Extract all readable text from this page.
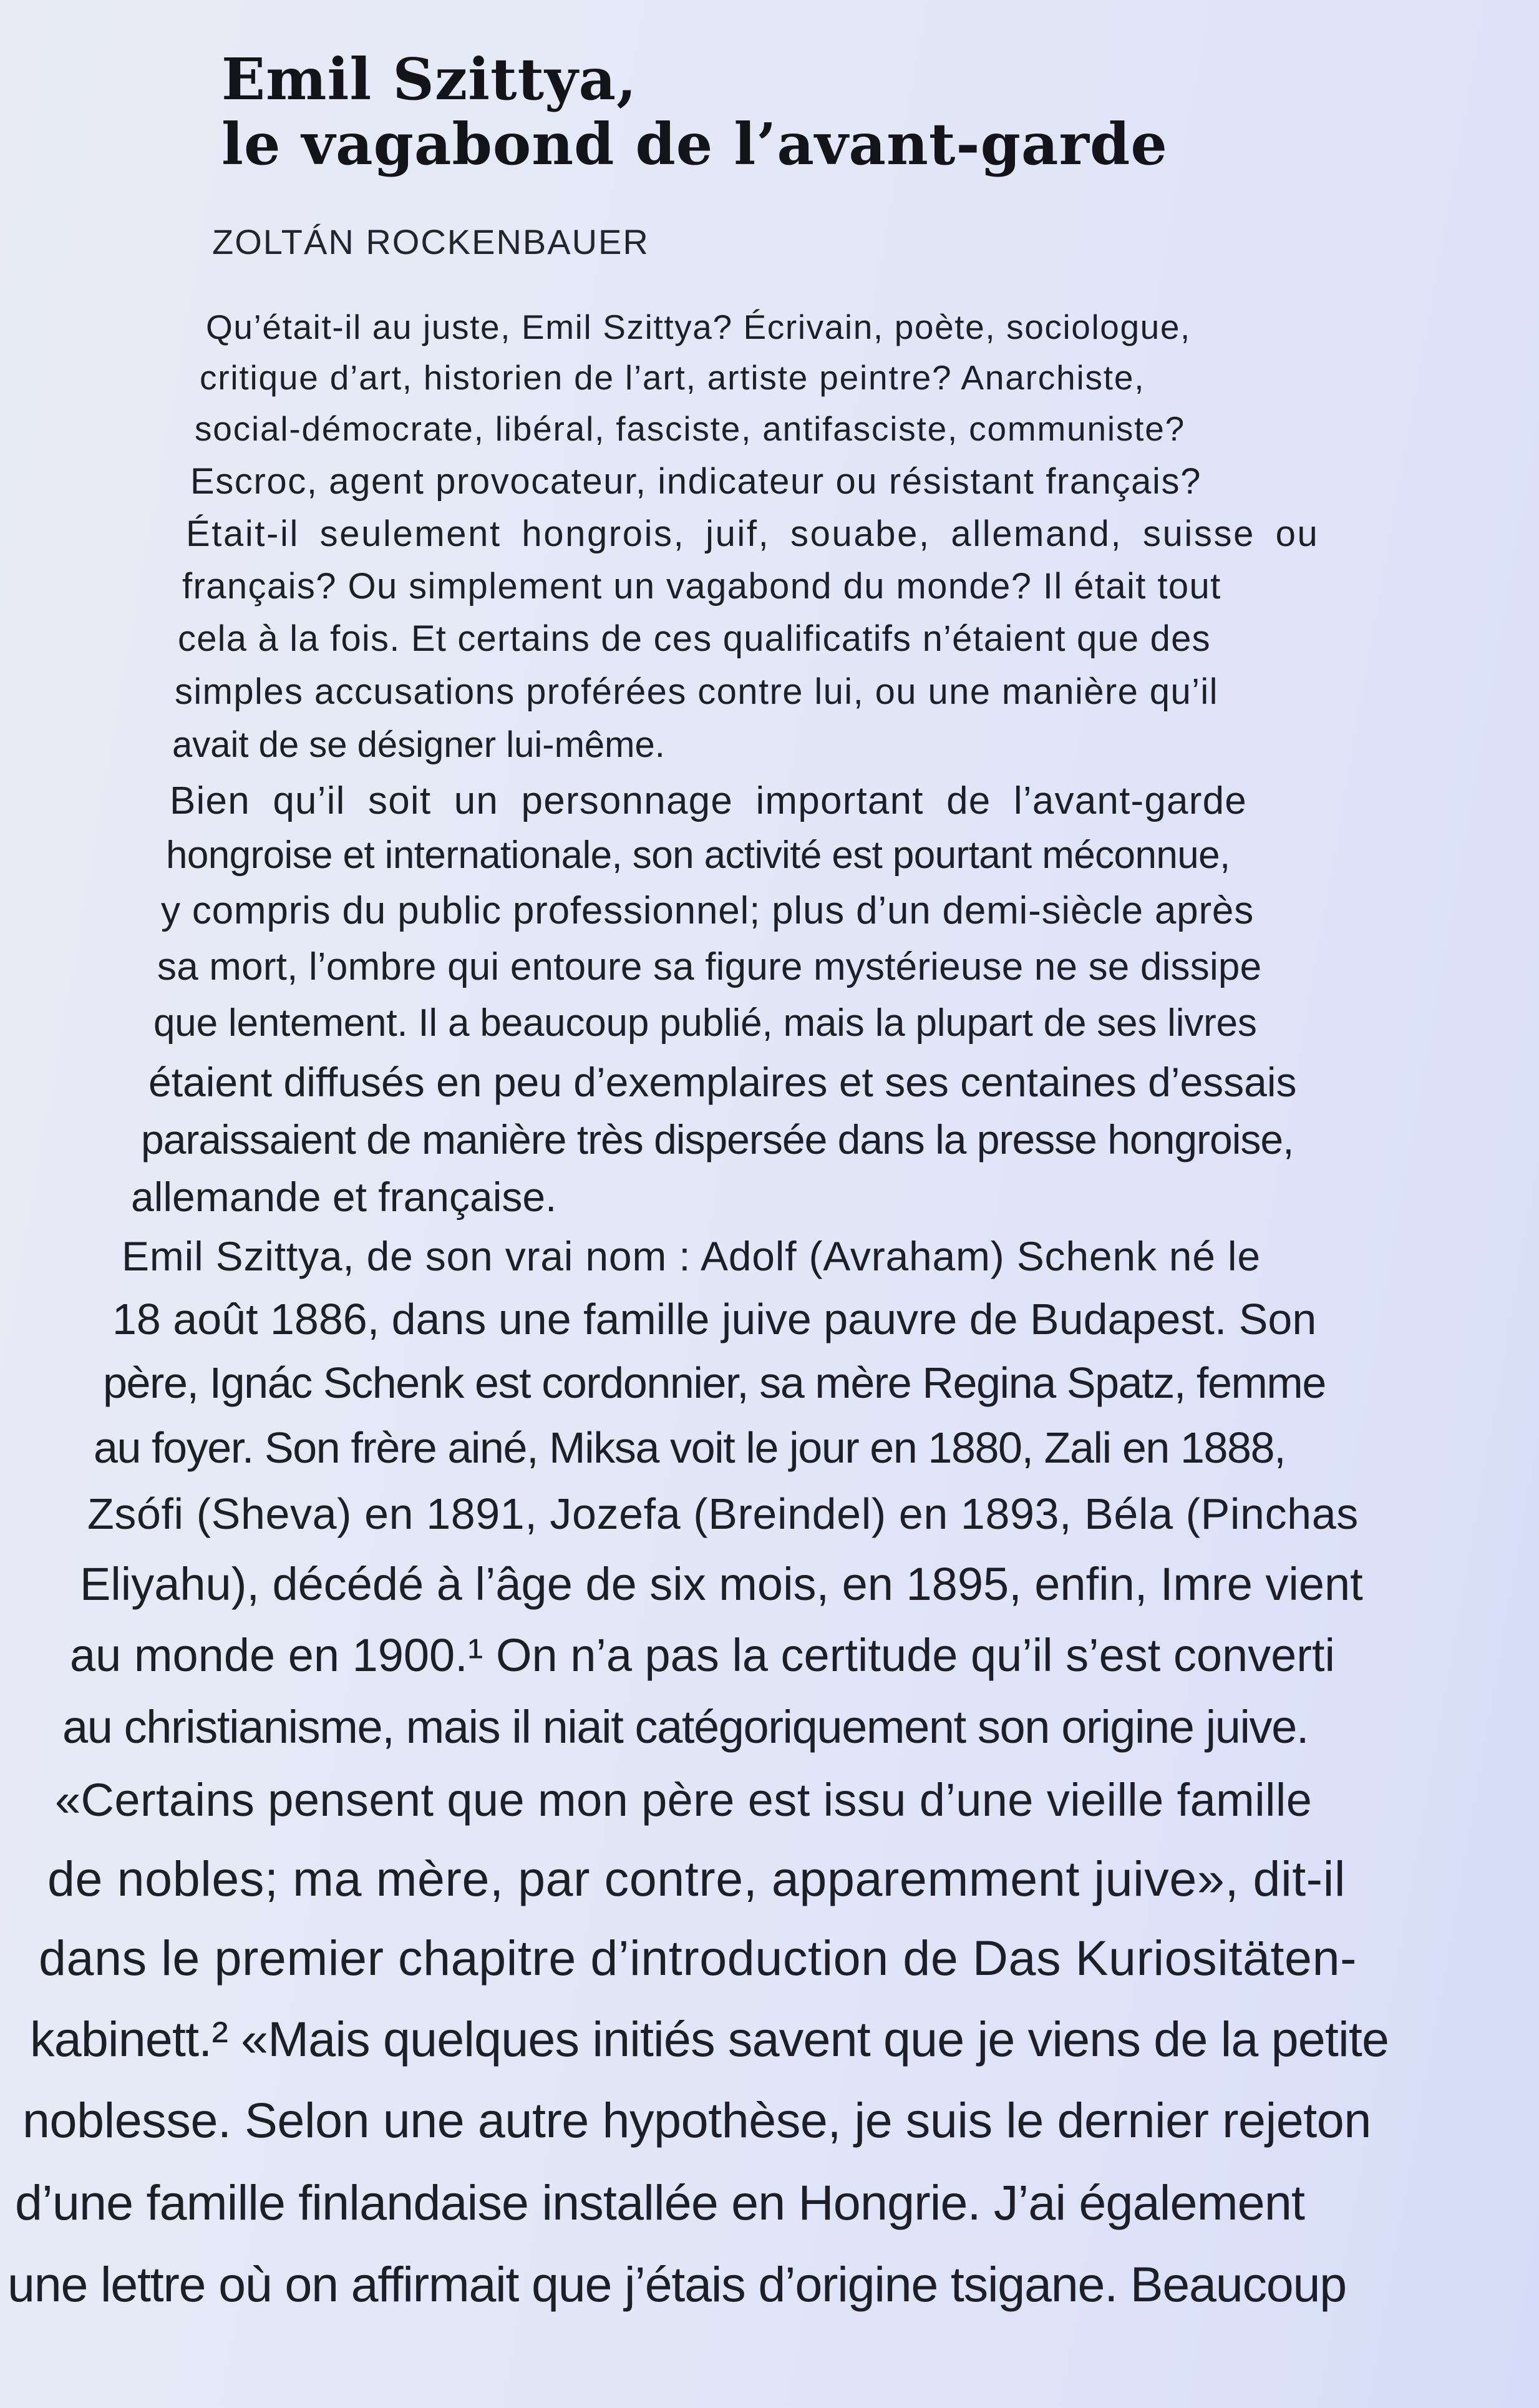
Emil Szittya,
le vagabond de l’avant-garde
ZOLTÁN ROCKENBAUER
Qu’était-il au juste, Emil Szittya? Écrivain, poète, sociologue,
critique d’art, historien de l’art, artiste peintre? Anarchiste,
social-démocrate, libéral, fasciste, antifasciste, communiste?
Escroc, agent provocateur, indicateur ou résistant français?
Était-il seulement hongrois, juif, souabe, allemand, suisse ou
français? Ou simplement un vagabond du monde? Il était tout
cela à la fois. Et certains de ces qualificatifs n’étaient que des
simples accusations proférées contre lui, ou une manière qu’il
avait de se désigner lui-même.
Bien qu’il soit un personnage important de l’avant-garde
hongroise et internationale, son activité est pourtant méconnue,
y compris du public professionnel; plus d’un demi-siècle après
sa mort, l’ombre qui entoure sa figure mystérieuse ne se dissipe
que lentement. Il a beaucoup publié, mais la plupart de ses livres
étaient diffusés en peu d’exemplaires et ses centaines d’essais
paraissaient de manière très dispersée dans la presse hongroise,
allemande et française.
Emil Szittya, de son vrai nom : Adolf (Avraham) Schenk né le
18 août 1886, dans une famille juive pauvre de Budapest. Son
père, Ignác Schenk est cordonnier, sa mère Regina Spatz, femme
au foyer. Son frère ainé, Miksa voit le jour en 1880, Zali en 1888,
Zsófi (Sheva) en 1891, Jozefa (Breindel) en 1893, Béla (Pinchas
Eliyahu), décédé à l’âge de six mois, en 1895, enfin, Imre vient
au monde en 1900.¹ On n’a pas la certitude qu’il s’est converti
au christianisme, mais il niait catégoriquement son origine juive.
«Certains pensent que mon père est issu d’une vieille famille
de nobles; ma mère, par contre, apparemment juive», dit-il
dans le premier chapitre d’introduction de Das Kuriositäten-
kabinett.² «Mais quelques initiés savent que je viens de la petite
noblesse. Selon une autre hypothèse, je suis le dernier rejeton
d’une famille finlandaise installée en Hongrie. J’ai également
une lettre où on affirmait que j’étais d’origine tsigane. Beaucoup
